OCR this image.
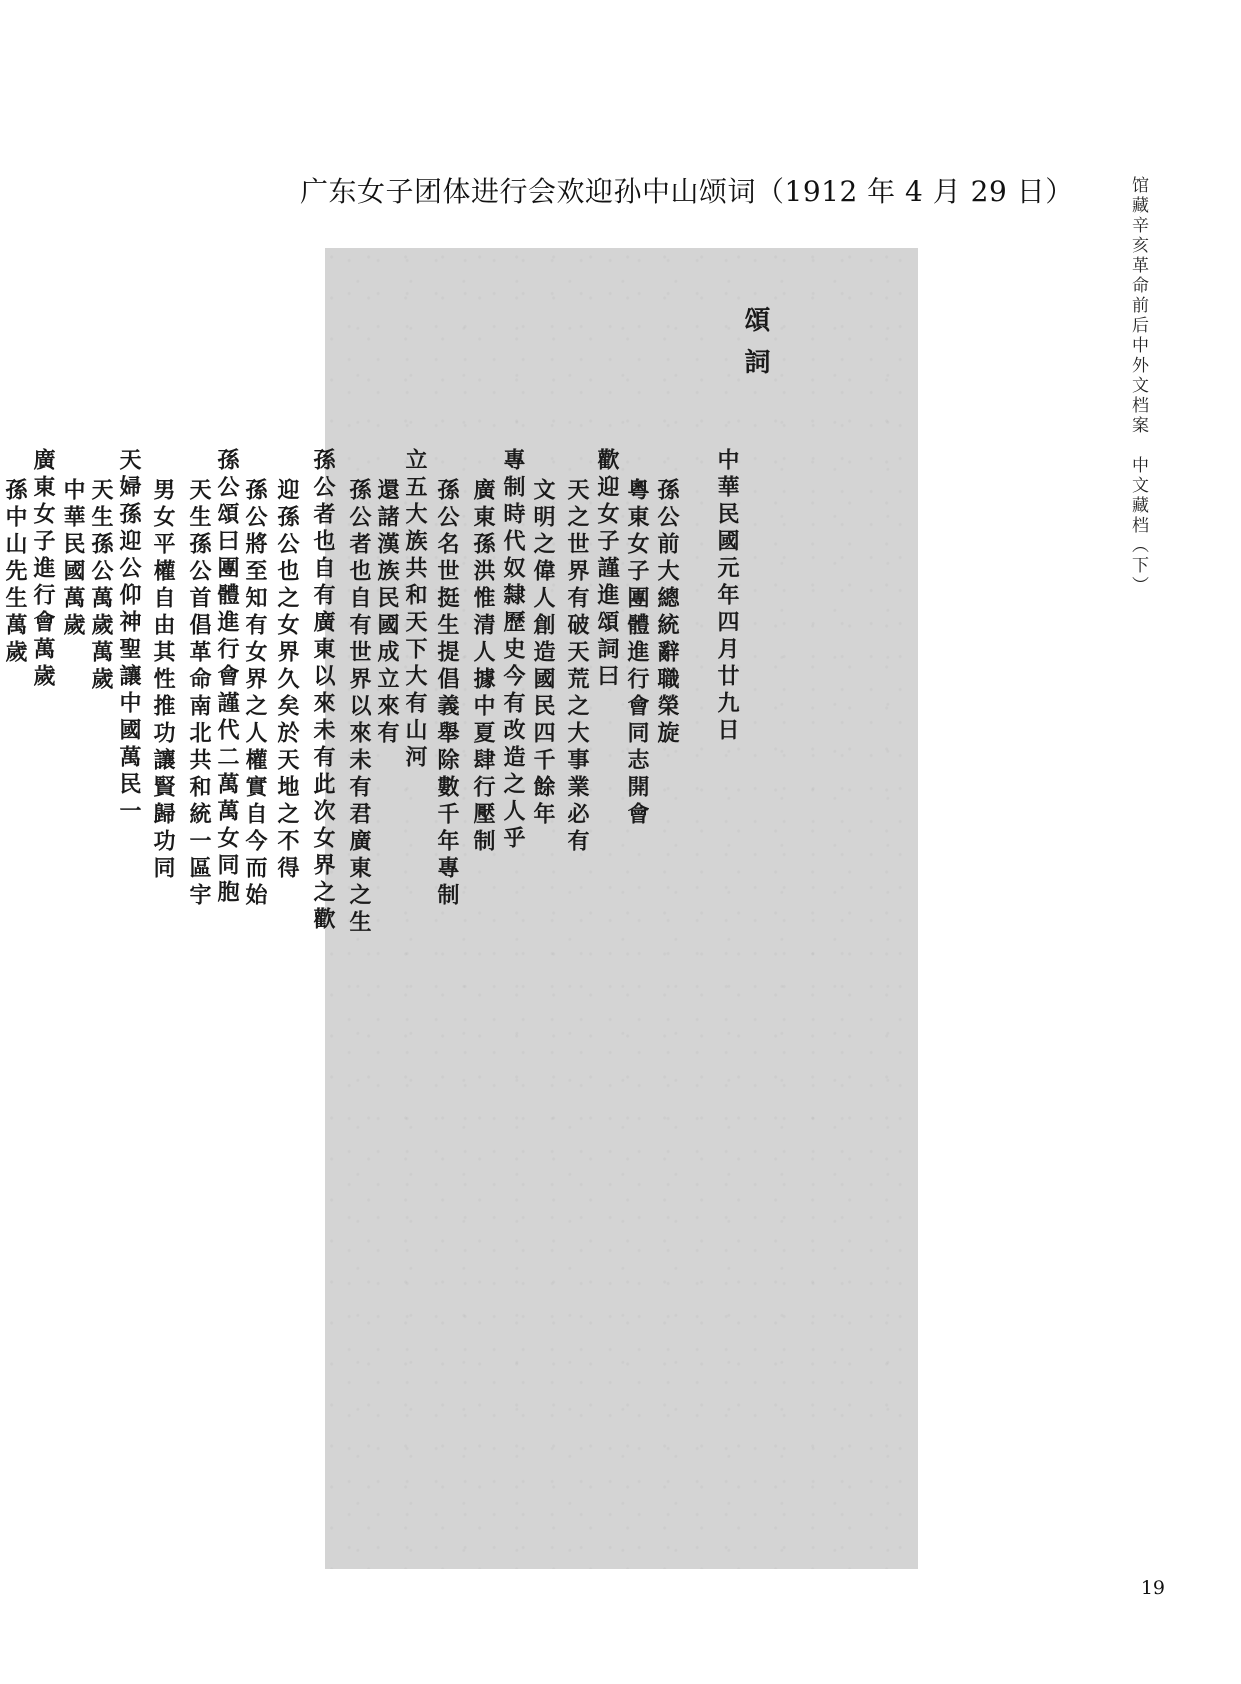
广东女子团体进行会欢迎孙中山颂词（1912 年 4 月 29 日）	馆藏辛亥革命前后中外文档案　中文藏档（下）
頌詞
中華民國元年四月廿九日
孫公前大總統辭職榮旋
粵東女子團體進行會同志開會
歡迎女子謹進頌詞曰
天之世界有破天荒之大事業必有
文明之偉人創造國民四千餘年
專制時代奴隸歷史今有改造之人乎
廣東孫洪惟清人據中夏肆行壓制
孫公名世挺生提倡義舉除數千年專制
立五大族共和天下大有山河
還諸漢族民國成立來有
孫公者也自有世界以來未有君廣東之生
孫公者也自有廣東以來未有此次女界之歡
迎孫公也之女界久矣於天地之不得
孫公將至知有女界之人權實自今而始
孫公頌曰團體進行會謹代二萬萬女同胞
天生孫公首倡革命南北共和統一區宇
男女平權自由其性推功讓賢歸功同
天婦孫迎公仰神聖讓中國萬民一
天生孫公萬歲萬歲
中華民國萬歲
廣東女子進行會萬歲
孫中山先生萬歲
19
